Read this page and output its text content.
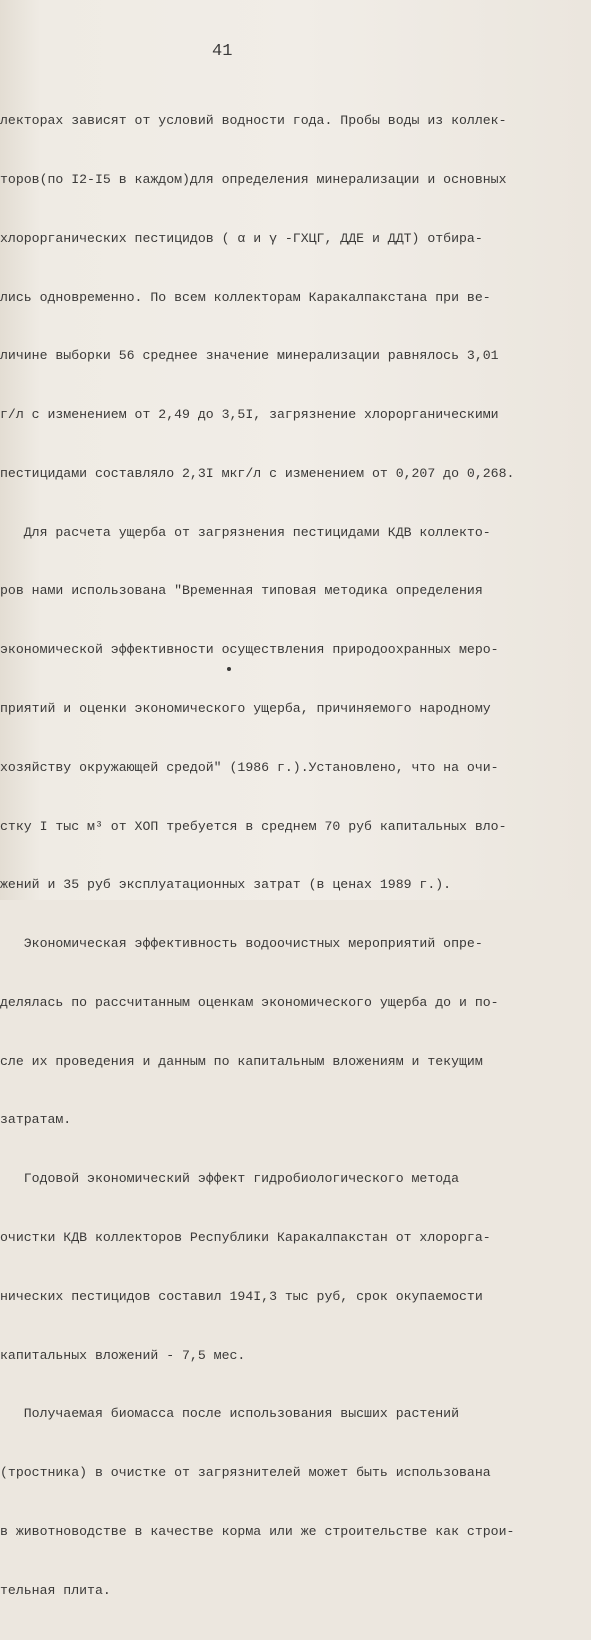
41

лекторах зависят от условий водности года. Пробы воды из коллек-

торов(по I2-I5 в каждом)для определения минерализации и основных

хлорорганических пестицидов ( α и γ -ГХЦГ, ДДЕ и ДДТ) отбира-

лись одновременно. По всем коллекторам Каракалпакстана при ве-

личине выборки 56 среднее значение минерализации равнялось 3,01

г/л с изменением от 2,49 до 3,5I, загрязнение хлорорганическими

пестицидами составляло 2,3I мкг/л с изменением от 0,207 до 0,268.

Для расчета ущерба от загрязнения пестицидами КДВ коллекто-

ров нами использована "Временная типовая методика определения

экономической эффективности осуществления природоохранных меро-

приятий и оценки экономического ущерба, причиняемого народному

хозяйству окружающей средой" (1986 г.).Установлено, что на очи-

стку I тыс м³ от ХОП требуется в среднем 70 руб капитальных вло-

жений и 35 руб эксплуатационных затрат (в ценах 1989 г.).

Экономическая эффективность водоочистных мероприятий опре-

делялась по рассчитанным оценкам экономического ущерба до и по-

сле их проведения и данным по капитальным вложениям и текущим

затратам.

Годовой экономический эффект гидробиологического метода

очистки КДВ коллекторов Республики Каракалпакстан от хлорорга-

нических пестицидов составил 194I,3 тыс руб, срок окупаемости

капитальных вложений - 7,5 мес.

Получаемая биомасса после использования высших растений

(тростника) в очистке от загрязнителей может быть использована

в животноводстве в качестве корма или же строительстве как строи-

тельная плита.
